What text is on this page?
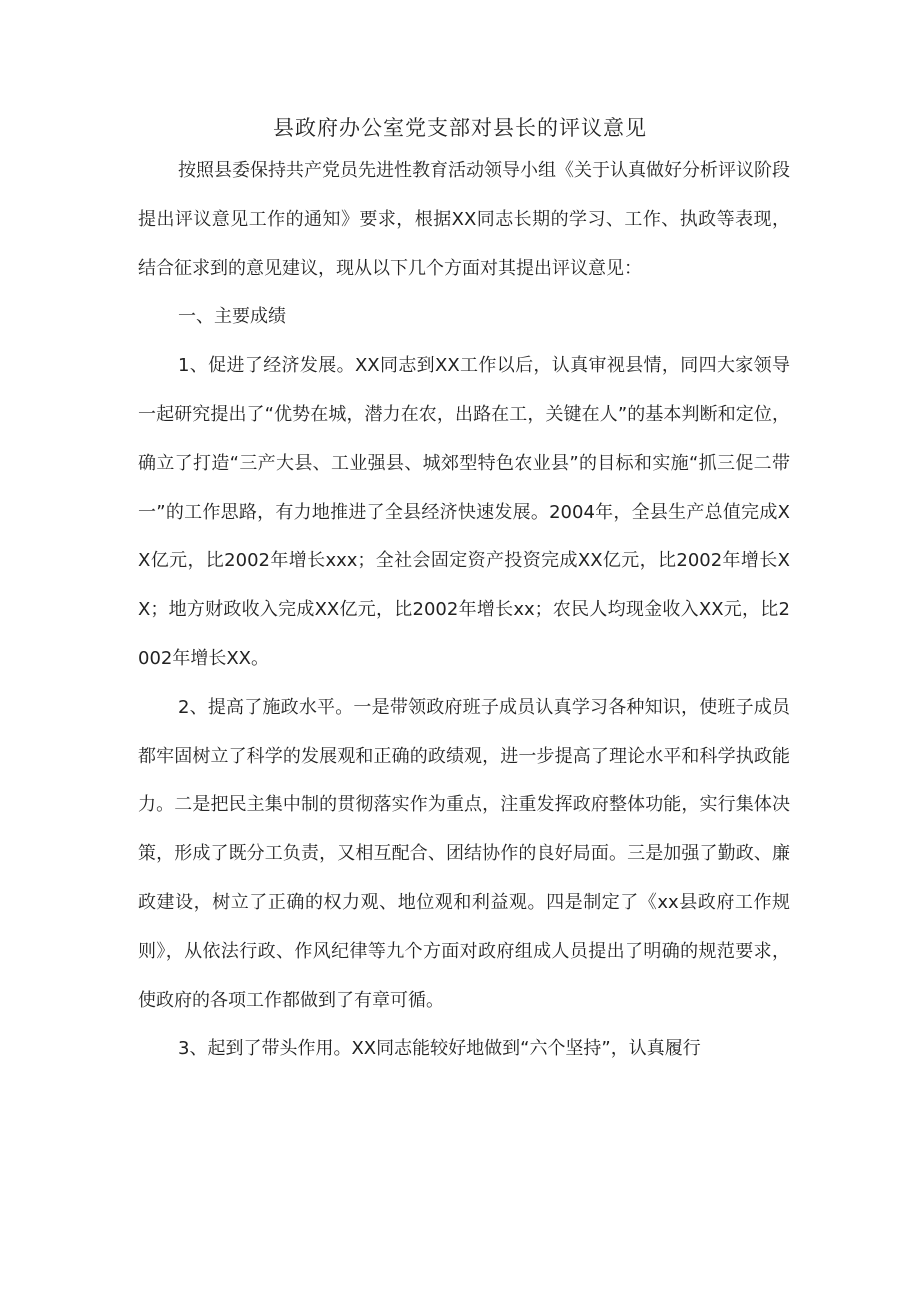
县政府办公室党支部对县长的评议意见

按照县委保持共产党员先进性教育活动领导小组《关于认真做好分析评议阶段提出评议意见工作的通知》要求，根据XX同志长期的学习、工作、执政等表现，结合征求到的意见建议，现从以下几个方面对其提出评议意见：

一、主要成绩

1、促进了经济发展。XX同志到XX工作以后，认真审视县情，同四大家领导一起研究提出了“优势在城，潜力在农，出路在工，关键在人”的基本判断和定位，确立了打造“三产大县、工业强县、城郊型特色农业县”的目标和实施“抓三促二带一”的工作思路，有力地推进了全县经济快速发展。2004年，全县生产总值完成XX亿元，比2002年增长xxx；全社会固定资产投资完成XX亿元，比2002年增长XX；地方财政收入完成XX亿元，比2002年增长xx；农民人均现金收入XX元，比2002年增长XX。

2、提高了施政水平。一是带领政府班子成员认真学习各种知识，使班子成员都牢固树立了科学的发展观和正确的政绩观，进一步提高了理论水平和科学执政能力。二是把民主集中制的贯彻落实作为重点，注重发挥政府整体功能，实行集体决策，形成了既分工负责，又相互配合、团结协作的良好局面。三是加强了勤政、廉政建设，树立了正确的权力观、地位观和利益观。四是制定了《xx县政府工作规则》，从依法行政、作风纪律等九个方面对政府组成人员提出了明确的规范要求，使政府的各项工作都做到了有章可循。

3、起到了带头作用。XX同志能较好地做到“六个坚持”，认真履行
